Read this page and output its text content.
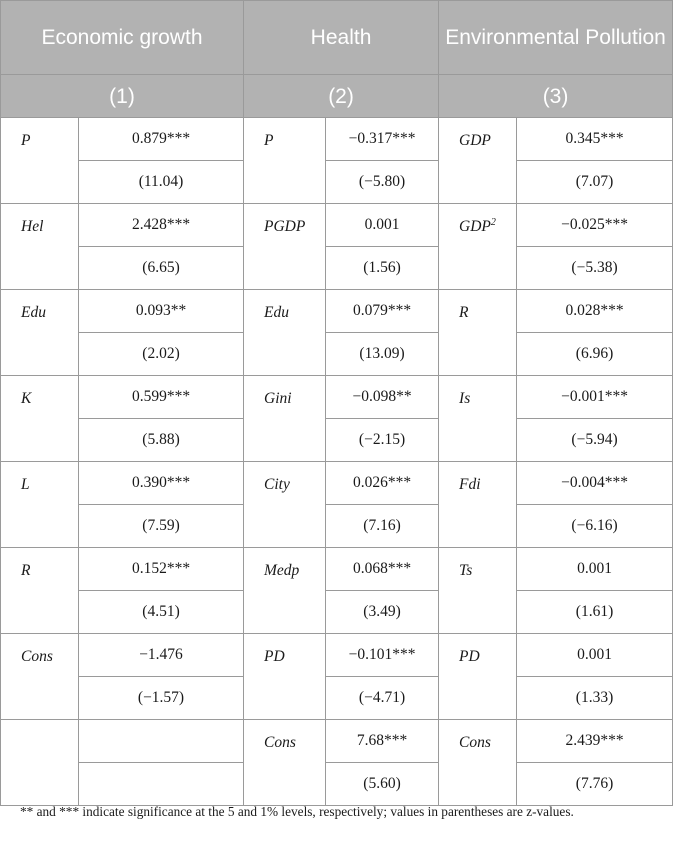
Economic growth		Health		Environmental Pollution	
(1)		(2)		(3)	
P	0.879***	P	−0.317***	GDP	0.345***
	(11.04)		(−5.80)		(7.07)
Hel	2.428***	PGDP	0.001	$GDP^2$	−0.025***
	(6.65)		(1.56)		(−5.38)
Edu	0.093**	Edu	0.079***	R	0.028***
	(2.02)		(13.09)		(6.96)
K	0.599***	Gini	−0.098**	Is	−0.001***
	(5.88)		(−2.15)		(−5.94)
L	0.390***	City	0.026***	Fdi	−0.004***
	(7.59)		(7.16)		(−6.16)
R	0.152***	Medp	0.068***	Ts	0.001
	(4.51)		(3.49)		(1.61)
Cons	−1.476	PD	−0.101***	PD	0.001
	(−1.57)		(−4.71)		(1.33)
		Cons	7.68***	Cons	2.439***
			(5.60)		(7.76)
** and *** indicate significance at the 5 and 1% levels, respectively; values in parentheses are z-values.
